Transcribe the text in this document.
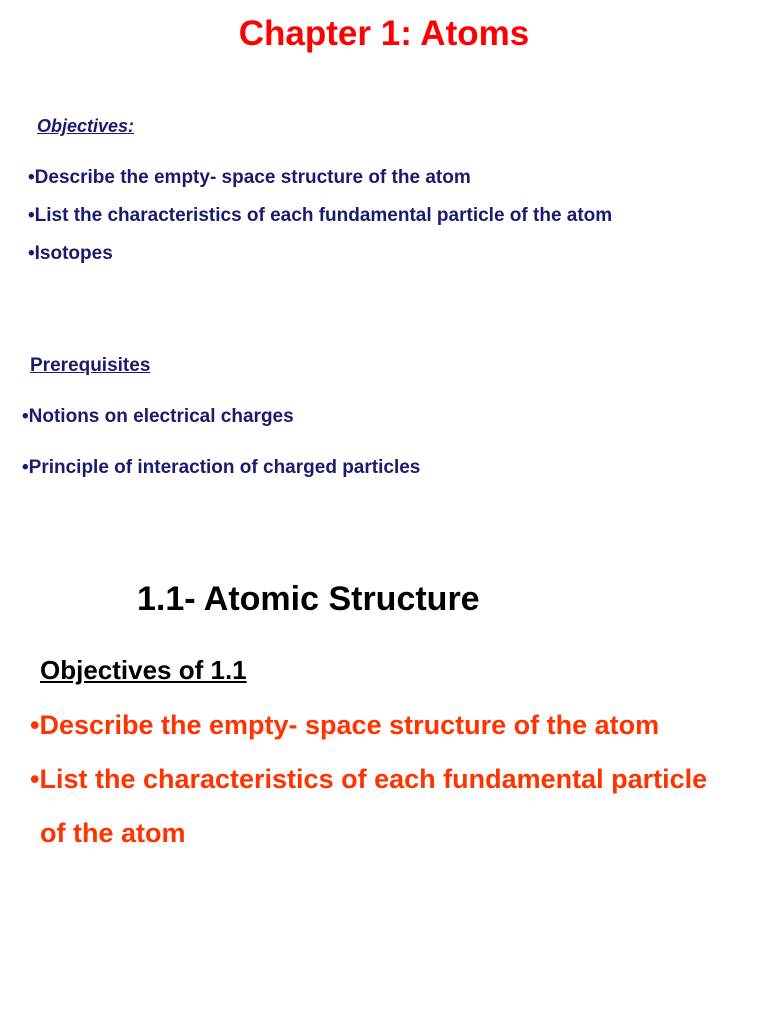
Chapter 1: Atoms

Objectives:

•Describe the empty- space structure of the atom

•List the characteristics of each fundamental particle of the atom

•Isotopes

Prerequisites

•Notions on electrical charges

•Principle of interaction of charged particles

1.1- Atomic Structure

Objectives of 1.1

•Describe the empty- space structure of the atom
•List the characteristics of each fundamental particle of the atom
